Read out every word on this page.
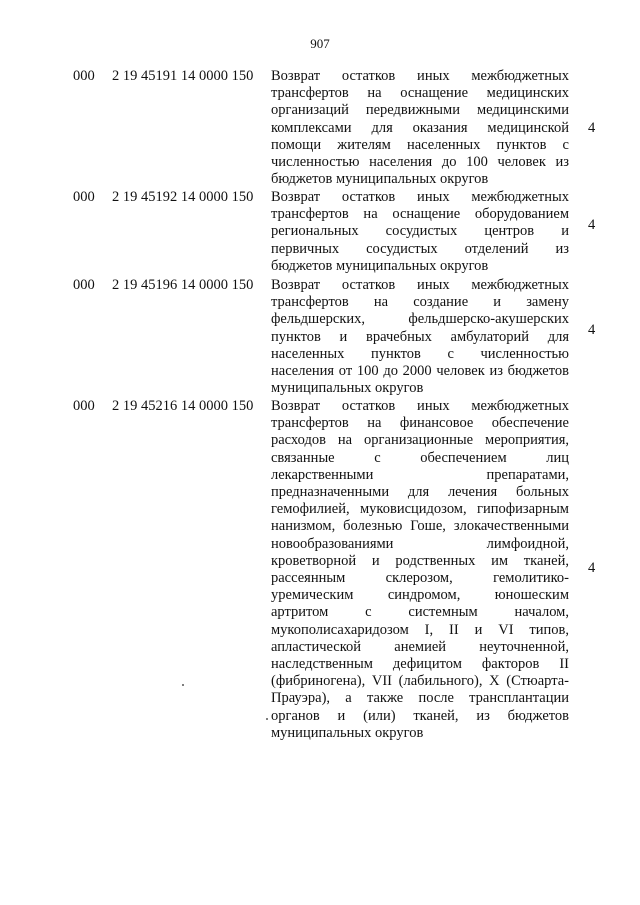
907
000 2 19 45191 14 0000 150 Возврат остатков иных межбюджетных
трансфертов на оснащение медицинских
организаций передвижными медицинскими
комплексами для оказания медицинской
помощи жителям населенных пунктов с
численностью населения до 100 человек из
бюджетов муниципальных округов
4
000 2 19 45192 14 0000 150 Возврат остатков иных межбюджетных
трансфертов на оснащение оборудованием
региональных сосудистых центров и
первичных сосудистых отделений из
бюджетов муниципальных округов
4
000 2 19 45196 14 0000 150 Возврат остатков иных межбюджетных
трансфертов на создание и замену
фельдшерских, фельдшерско-акушерских
пунктов и врачебных амбулаторий для
населенных пунктов с численностью
населения от 100 до 2000 человек из бюджетов
муниципальных округов
4
000 2 19 45216 14 0000 150 Возврат остатков иных межбюджетных
трансфертов на финансовое обеспечение
расходов на организационные мероприятия,
связанные с обеспечением лиц
лекарственными препаратами,
предназначенными для лечения больных
гемофилией, муковисцидозом, гипофизарным
нанизмом, болезнью Гоше, злокачественными
новообразованиями лимфоидной,
кроветворной и родственных им тканей,
рассеянным склерозом, гемолитико-
уремическим синдромом, юношеским
артритом с системным началом,
мукополисахаридозом I, II и VI типов,
апластической анемией неуточненной,
наследственным дефицитом факторов II
(фибриногена), VII (лабильного), X (Стюарта-
Прауэра), а также после трансплантации
органов и (или) тканей, из бюджетов
муниципальных округов
4
